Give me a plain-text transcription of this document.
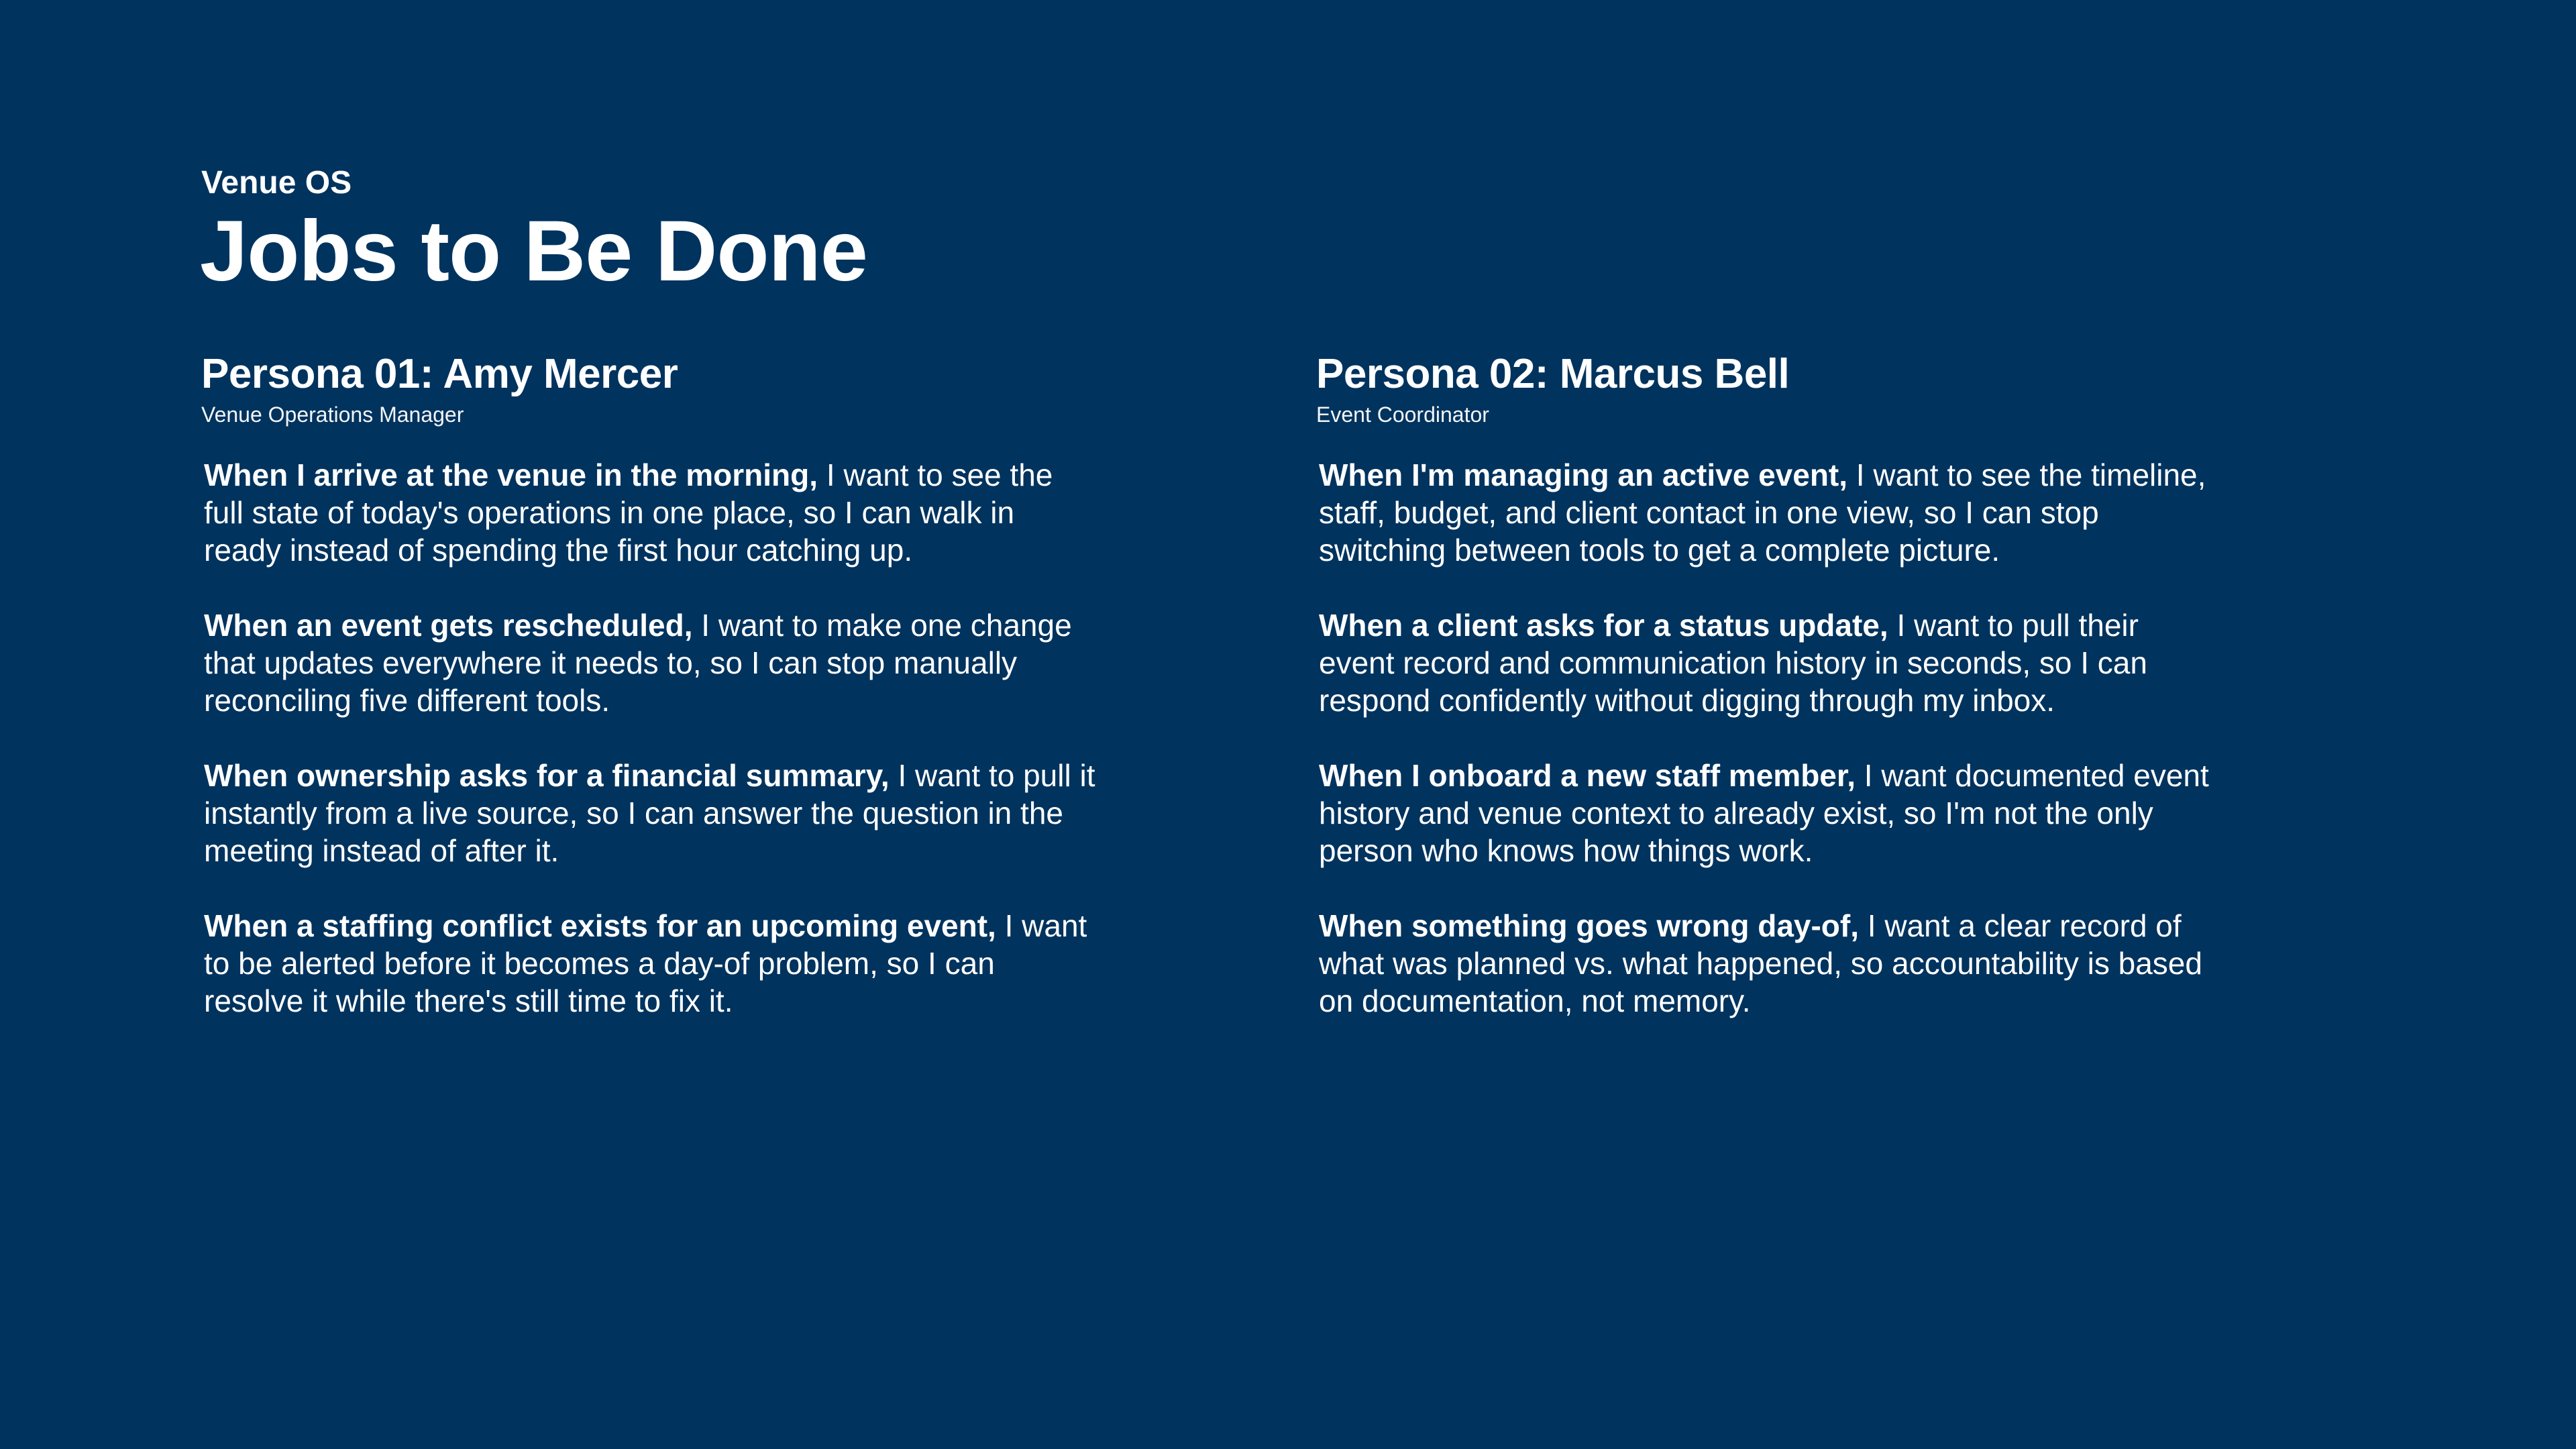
Venue OS

Jobs to Be Done
Persona 01: Amy Mercer

Venue Operations Manager

When I arrive at the venue in the morning, I want to see the full state of today's operations in one place, so I can walk in ready instead of spending the first hour catching up.
When an event gets rescheduled, I want to make one change that updates everywhere it needs to, so I can stop manually reconciling five different tools.
When ownership asks for a financial summary, I want to pull it instantly from a live source, so I can answer the question in the meeting instead of after it.
When a staffing conflict exists for an upcoming event, I want to be alerted before it becomes a day-of problem, so I can resolve it while there's still time to fix it.
Persona 02: Marcus Bell

Event Coordinator

When I'm managing an active event, I want to see the timeline, staff, budget, and client contact in one view, so I can stop switching between tools to get a complete picture.
When a client asks for a status update, I want to pull their event record and communication history in seconds, so I can respond confidently without digging through my inbox.
When I onboard a new staff member, I want documented event history and venue context to already exist, so I'm not the only person who knows how things work.
When something goes wrong day-of, I want a clear record of what was planned vs. what happened, so accountability is based on documentation, not memory.
